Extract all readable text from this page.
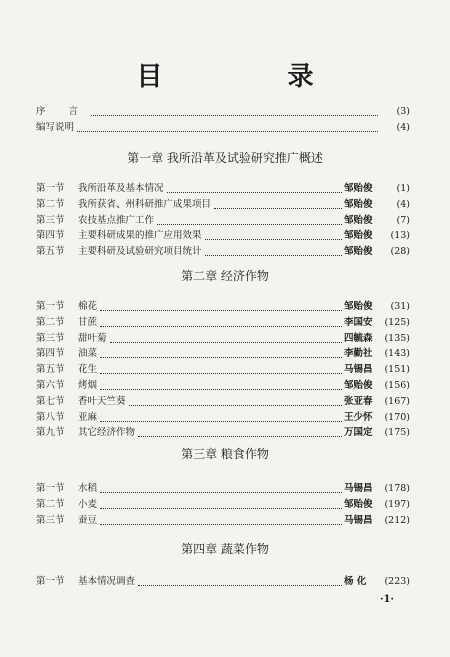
目 录
序 言	(3)
编写说明	(4)
第一章 我所沿革及试验研究推广概述
第一节	我所沿革及基本情况	邹贻俊	(1)
第二节	我所获省、州科研推广成果项目	邹贻俊	(4)
第三节	农技基点推广工作	邹贻俊	(7)
第四节	主要科研成果的推广应用效果	邹贻俊	(13)
第五节	主要科研及试验研究项目统计	邹贻俊	(28)
第二章 经济作物
第一节	棉花	邹贻俊	(31)
第二节	甘蔗	李国安	(125)
第三节	甜叶菊	四毓森	(135)
第四节	油菜	李勤社	(143)
第五节	花生	马锡昌	(151)
第六节	烤烟	邹贻俊	(156)
第七节	香叶天竺葵	张亚春	(167)
第八节	亚麻	王少怀	(170)
第九节	其它经济作物	万国定	(175)
第三章 粮食作物
第一节	水稻	马锡昌	(178)
第二节	小麦	邹贻俊	(197)
第三节	蚕豆	马锡昌	(212)
第四章 蔬菜作物
第一节	基本情况调查	杨 化	(223)
·1·
